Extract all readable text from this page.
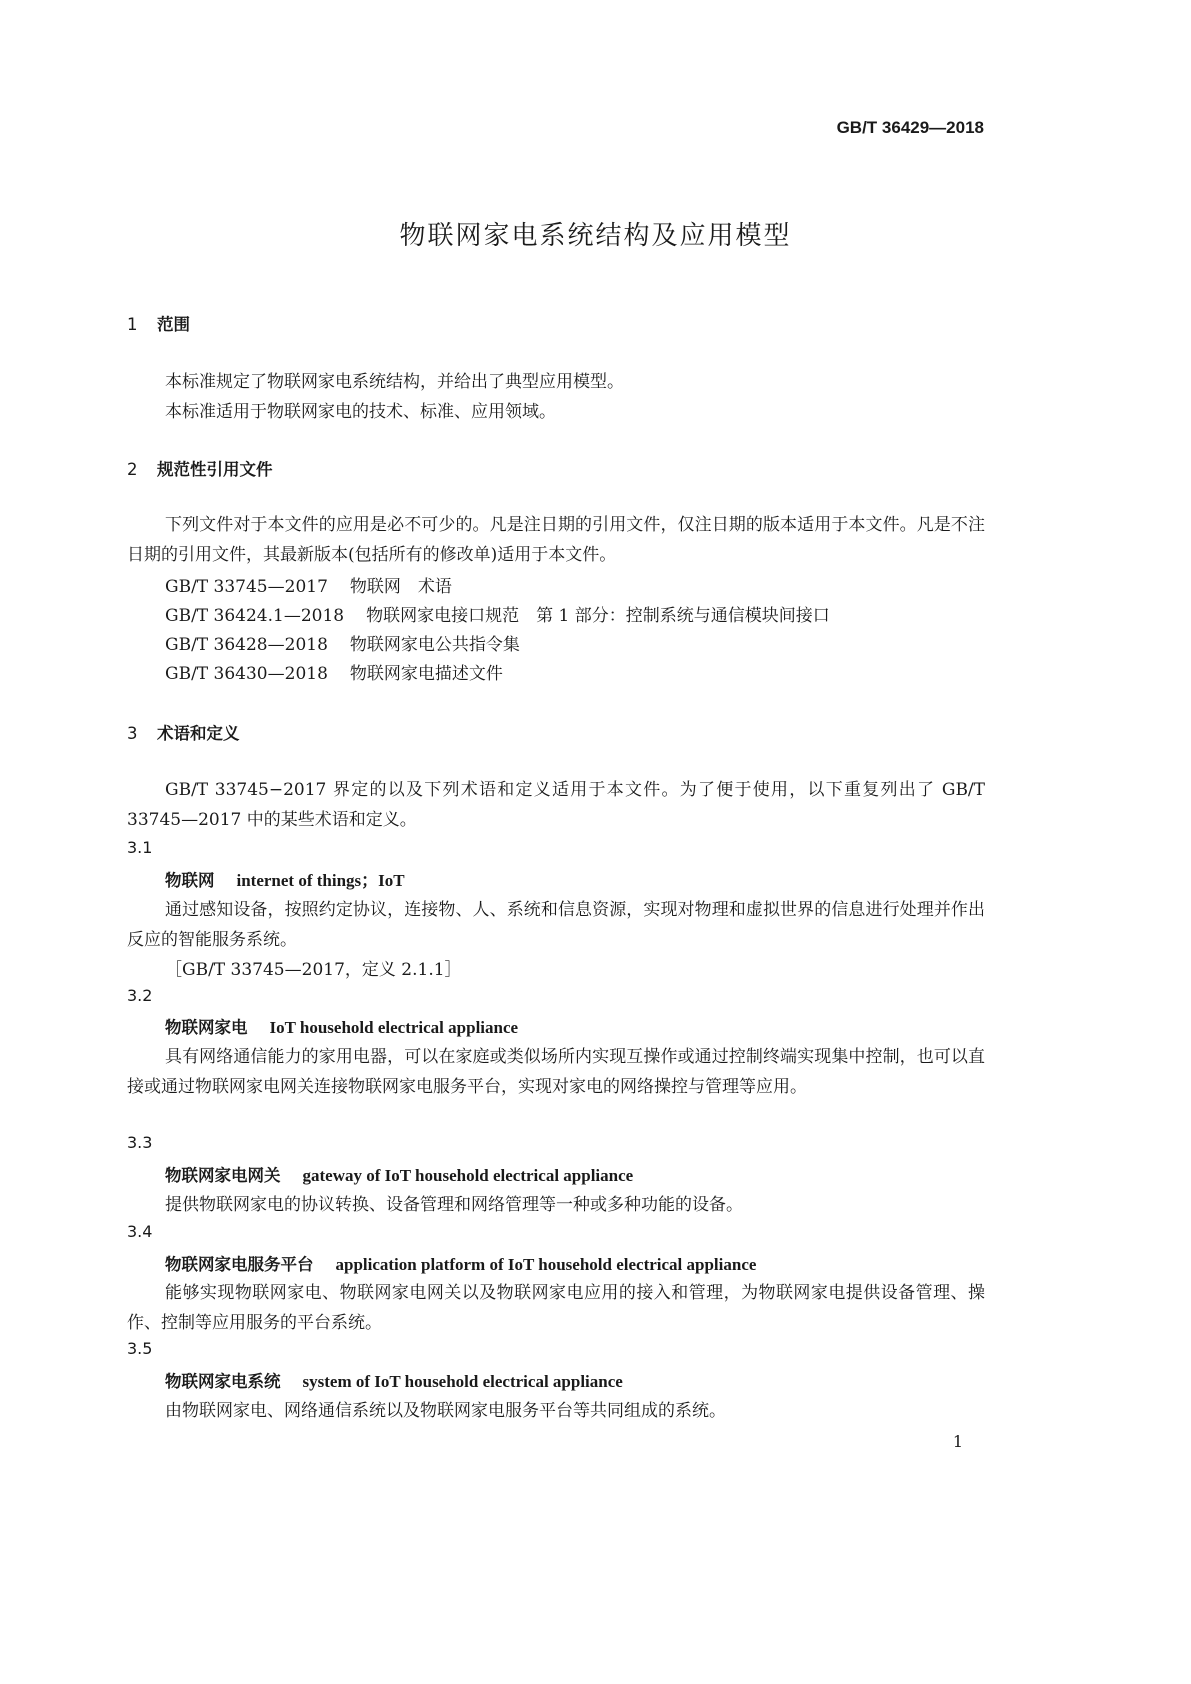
GB/T 36429—2018
物联网家电系统结构及应用模型
1 范围
本标准规定了物联网家电系统结构，并给出了典型应用模型。
本标准适用于物联网家电的技术、标准、应用领域。
2 规范性引用文件
下列文件对于本文件的应用是必不可少的。凡是注日期的引用文件，仅注日期的版本适用于本文件。凡是不注日期的引用文件，其最新版本(包括所有的修改单)适用于本文件。
GB/T 33745—2017 物联网　术语
GB/T 36424.1—2018 物联网家电接口规范　第 1 部分：控制系统与通信模块间接口
GB/T 36428—2018 物联网家电公共指令集
GB/T 36430—2018 物联网家电描述文件
3 术语和定义
GB/T 33745−2017 界定的以及下列术语和定义适用于本文件。为了便于使用，以下重复列出了 GB/T 33745—2017 中的某些术语和定义。
3.1
物联网 internet of things；IoT
通过感知设备，按照约定协议，连接物、人、系统和信息资源，实现对物理和虚拟世界的信息进行处理并作出反应的智能服务系统。
［GB/T 33745—2017，定义 2.1.1］
3.2
物联网家电 IoT household electrical appliance
具有网络通信能力的家用电器，可以在家庭或类似场所内实现互操作或通过控制终端实现集中控制，也可以直接或通过物联网家电网关连接物联网家电服务平台，实现对家电的网络操控与管理等应用。
3.3
物联网家电网关 gateway of IoT household electrical appliance
提供物联网家电的协议转换、设备管理和网络管理等一种或多种功能的设备。
3.4
物联网家电服务平台 application platform of IoT household electrical appliance
能够实现物联网家电、物联网家电网关以及物联网家电应用的接入和管理，为物联网家电提供设备管理、操作、控制等应用服务的平台系统。
3.5
物联网家电系统 system of IoT household electrical appliance
由物联网家电、网络通信系统以及物联网家电服务平台等共同组成的系统。
1
